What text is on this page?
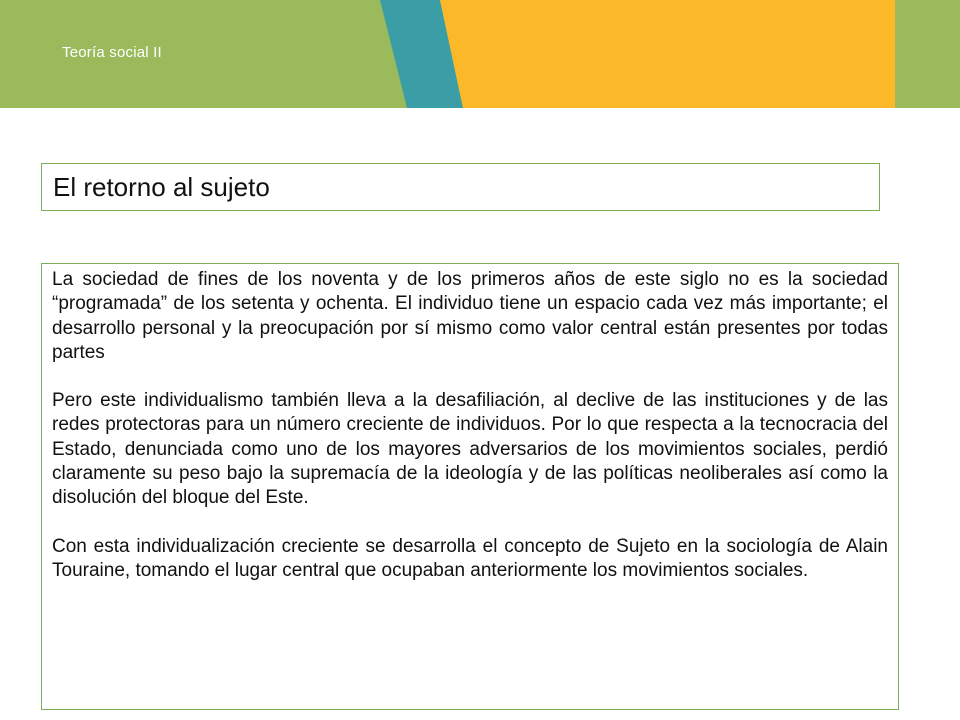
Teoría social II
El retorno al sujeto

La sociedad de fines de los noventa y de los primeros años de este siglo no es la sociedad “programada” de los setenta y ochenta. El individuo tiene un espacio cada vez más importante; el desarrollo personal y la preocupación por sí mismo como valor central están presentes por todas partes

Pero este individualismo también lleva a la desafiliación, al declive de las instituciones y de las redes protectoras para un número creciente de individuos. Por lo que respecta a la tecnocracia del Estado, denunciada como uno de los mayores adversarios de los movimientos sociales, perdió claramente su peso bajo la supremacía de la ideología y de las políticas neoliberales así como la disolución del bloque del Este.

Con esta individualización creciente se desarrolla el concepto de Sujeto en la sociología de Alain Touraine, tomando el lugar central que ocupaban anteriormente los movimientos sociales.
